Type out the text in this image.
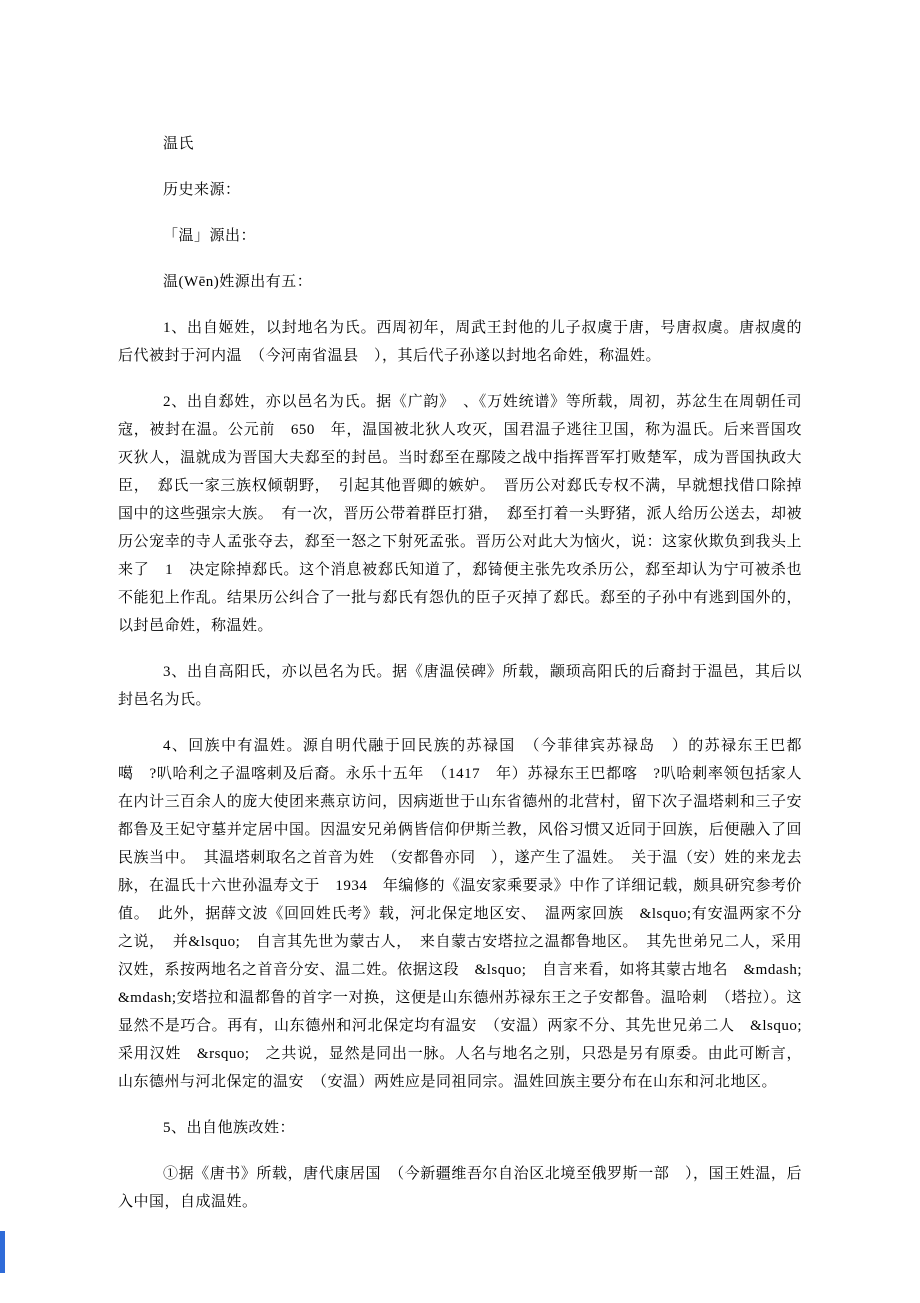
温氏

历史来源：

「温」源出：

温(Wēn)姓源出有五：

1、出自姬姓，以封地名为氏。西周初年，周武王封他的儿子叔虞于唐，号唐叔虞。唐叔虞的后代被封于河内温　（今河南省温县　），其后代子孙遂以封地名命姓，称温姓。

2、出自郄姓，亦以邑名为氏。据《广韵》　、《万姓统谱》等所载，周初，苏忿生在周朝任司寇，被封在温。公元前　650　年，温国被北狄人攻灭，国君温子逃往卫国，称为温氏。后来晋国攻灭狄人，温就成为晋国大夫郄至的封邑。当时郄至在鄢陵之战中指挥晋军打败楚军，成为晋国执政大臣，　郄氏一家三族权倾朝野，　引起其他晋卿的嫉妒。　晋历公对郄氏专权不满，早就想找借口除掉国中的这些强宗大族。　有一次，晋历公带着群臣打猎，　郄至打着一头野猪，派人给历公送去，却被历公宠幸的寺人孟张夺去，郄至一怒之下射死孟张。晋历公对此大为恼火，说：这家伙欺负到我头上来了　1　决定除掉郄氏。这个消息被郄氏知道了，郄锜便主张先攻杀历公，郄至却认为宁可被杀也不能犯上作乱。结果历公纠合了一批与郄氏有怨仇的臣子灭掉了郄氏。郄至的子孙中有逃到国外的，以封邑命姓，称温姓。

3、出自高阳氏，亦以邑名为氏。据《唐温侯碑》所载，颛顼高阳氏的后裔封于温邑，其后以封邑名为氏。

4、回族中有温姓。源自明代融于回民族的苏禄国　（今菲律宾苏禄岛　）的苏禄东王巴都噶　?叭哈利之子温喀刺及后裔。永乐十五年　（1417　年）苏禄东王巴都喀　?叭哈刺率领包括家人在内计三百余人的庞大使团来燕京访问，因病逝世于山东省德州的北营村，留下次子温塔刺和三子安都鲁及王妃守墓并定居中国。因温安兄弟俩皆信仰伊斯兰教，风俗习惯又近同于回族，后便融入了回民族当中。　其温塔刺取名之首音为姓　（安都鲁亦同　），遂产生了温姓。　关于温（安）姓的来龙去脉，在温氏十六世孙温寿文于　1934　年编修的《温安家乘要录》中作了详细记载，颇具研究参考价值。　此外，据薛文波《回回姓氏考》载，河北保定地区安、　温两家回族　&lsquo;有安温两家不分之说，　并&lsquo;　自言其先世为蒙古人，　来自蒙古安塔拉之温都鲁地区。　其先世弟兄二人，采用汉姓，系按两地名之首音分安、温二姓。依据这段　&lsquo;　自言来看，如将其蒙古地名　&mdash;&mdash;安塔拉和温都鲁的首字一对换，这便是山东德州苏禄东王之子安都鲁。温哈刺　（塔拉）。这显然不是巧合。再有，山东德州和河北保定均有温安　（安温）两家不分、其先世兄弟二人　&lsquo;　采用汉姓　&rsquo;　之共说，显然是同出一脉。人名与地名之别，只恐是另有原委。由此可断言，山东德州与河北保定的温安　（安温）两姓应是同祖同宗。温姓回族主要分布在山东和河北地区。

5、出自他族改姓：

①据《唐书》所载，唐代康居国　（今新疆维吾尔自治区北境至俄罗斯一部　），国王姓温，后入中国，自成温姓。
